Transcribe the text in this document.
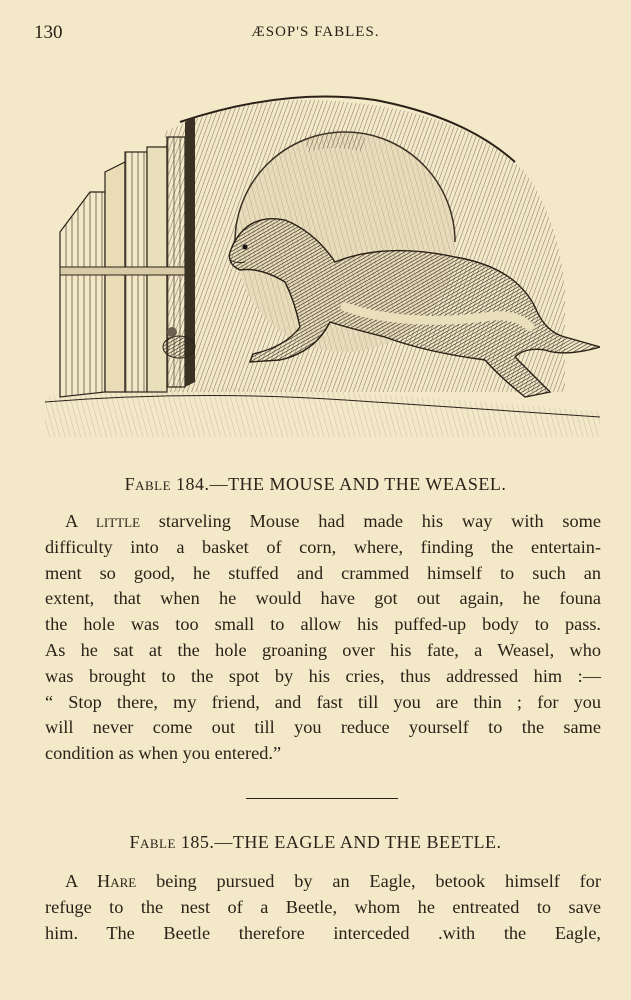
130	ÆSOP'S FABLES.
Fable 184.—THE MOUSE AND THE WEASEL.
A little starveling Mouse had made his way with some
difficulty into a basket of corn, where, finding the entertain-
ment so good, he stuffed and crammed himself to such an
extent, that when he would have got out again, he founa
the hole was too small to allow his puffed-up body to pass.
As he sat at the hole groaning over his fate, a Weasel, who
was brought to the spot by his cries, thus addressed him :—
“ Stop there, my friend, and fast till you are thin ; for you
will never come out till you reduce yourself to the same
condition as when you entered.”
Fable 185.—THE EAGLE AND THE BEETLE.
A Hare being pursued by an Eagle, betook himself for
refuge to the nest of a Beetle, whom he entreated to save
him. The Beetle therefore interceded .with the Eagle,
